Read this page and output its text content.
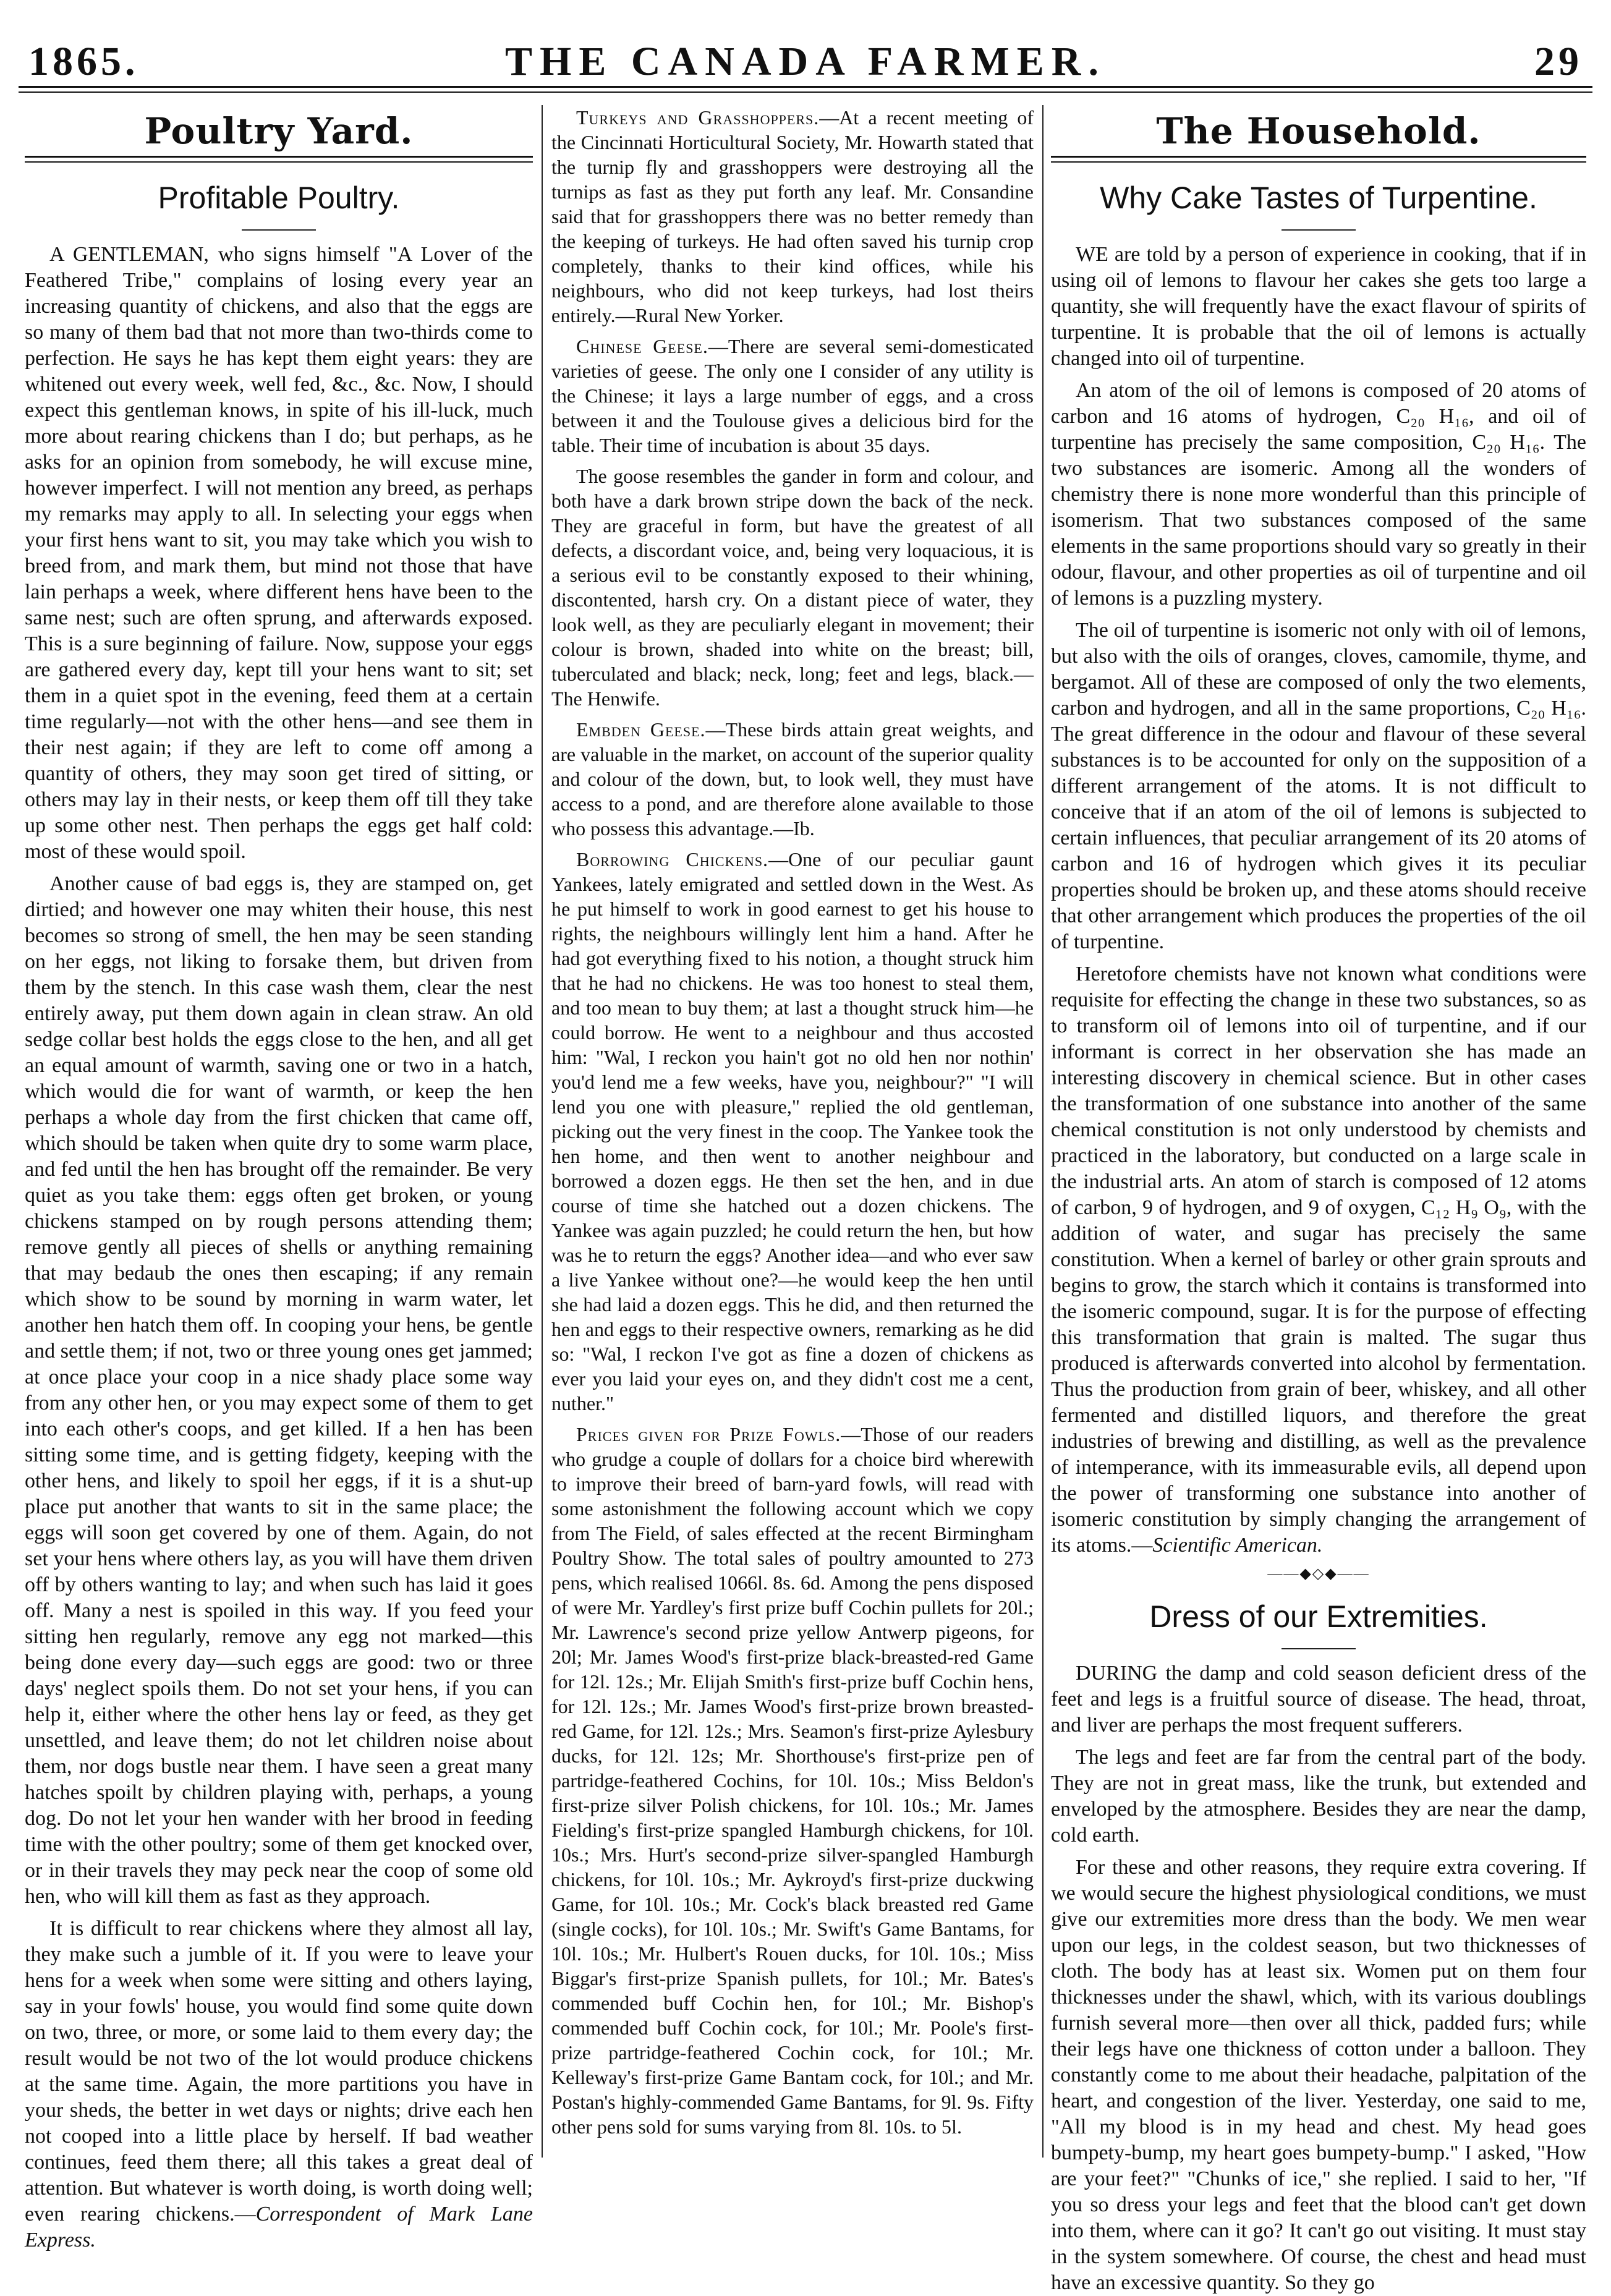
1865.	THE CANADA FARMER.	29
Poultry Yard.
Profitable Poultry.

A GENTLEMAN, who signs himself "A Lover of the Feathered Tribe," complains of losing every year an increasing quantity of chickens, and also that the eggs are so many of them bad that not more than two-thirds come to perfection. He says he has kept them eight years: they are whitened out every week, well fed, &c., &c. Now, I should expect this gentleman knows, in spite of his ill-luck, much more about rearing chickens than I do; but perhaps, as he asks for an opinion from somebody, he will excuse mine, however imperfect. I will not mention any breed, as perhaps my remarks may apply to all. In selecting your eggs when your first hens want to sit, you may take which you wish to breed from, and mark them, but mind not those that have lain perhaps a week, where different hens have been to the same nest; such are often sprung, and afterwards exposed. This is a sure beginning of failure. Now, suppose your eggs are gathered every day, kept till your hens want to sit; set them in a quiet spot in the evening, feed them at a certain time regularly—not with the other hens—and see them in their nest again; if they are left to come off among a quantity of others, they may soon get tired of sitting, or others may lay in their nests, or keep them off till they take up some other nest. Then perhaps the eggs get half cold: most of these would spoil.

Another cause of bad eggs is, they are stamped on, get dirtied; and however one may whiten their house, this nest becomes so strong of smell, the hen may be seen standing on her eggs, not liking to forsake them, but driven from them by the stench. In this case wash them, clear the nest entirely away, put them down again in clean straw. An old sedge collar best holds the eggs close to the hen, and all get an equal amount of warmth, saving one or two in a hatch, which would die for want of warmth, or keep the hen perhaps a whole day from the first chicken that came off, which should be taken when quite dry to some warm place, and fed until the hen has brought off the remainder. Be very quiet as you take them: eggs often get broken, or young chickens stamped on by rough persons attending them; remove gently all pieces of shells or anything remaining that may bedaub the ones then escaping; if any remain which show to be sound by morning in warm water, let another hen hatch them off. In cooping your hens, be gentle and settle them; if not, two or three young ones get jammed; at once place your coop in a nice shady place some way from any other hen, or you may expect some of them to get into each other's coops, and get killed. If a hen has been sitting some time, and is getting fidgety, keeping with the other hens, and likely to spoil her eggs, if it is a shut-up place put another that wants to sit in the same place; the eggs will soon get covered by one of them. Again, do not set your hens where others lay, as you will have them driven off by others wanting to lay; and when such has laid it goes off. Many a nest is spoiled in this way. If you feed your sitting hen regularly, remove any egg not marked—this being done every day—such eggs are good: two or three days' neglect spoils them. Do not set your hens, if you can help it, either where the other hens lay or feed, as they get unsettled, and leave them; do not let children noise about them, nor dogs bustle near them. I have seen a great many hatches spoilt by children playing with, perhaps, a young dog. Do not let your hen wander with her brood in feeding time with the other poultry; some of them get knocked over, or in their travels they may peck near the coop of some old hen, who will kill them as fast as they approach.

It is difficult to rear chickens where they almost all lay, they make such a jumble of it. If you were to leave your hens for a week when some were sitting and others laying, say in your fowls' house, you would find some quite down on two, three, or more, or some laid to them every day; the result would be not two of the lot would produce chickens at the same time. Again, the more partitions you have in your sheds, the better in wet days or nights; drive each hen not cooped into a little place by herself. If bad weather continues, feed them there; all this takes a great deal of attention. But whatever is worth doing, is worth doing well; even rearing chickens.—Correspondent of Mark Lane Express.

Turkeys and Grasshoppers.—At a recent meeting of the Cincinnati Horticultural Society, Mr. Howarth stated that the turnip fly and grasshoppers were destroying all the turnips as fast as they put forth any leaf. Mr. Consandine said that for grasshoppers there was no better remedy than the keeping of turkeys. He had often saved his turnip crop completely, thanks to their kind offices, while his neighbours, who did not keep turkeys, had lost theirs entirely.—Rural New Yorker.

Chinese Geese.—There are several semi-domesticated varieties of geese. The only one I consider of any utility is the Chinese; it lays a large number of eggs, and a cross between it and the Toulouse gives a delicious bird for the table. Their time of incubation is about 35 days.

The goose resembles the gander in form and colour, and both have a dark brown stripe down the back of the neck. They are graceful in form, but have the greatest of all defects, a discordant voice, and, being very loquacious, it is a serious evil to be constantly exposed to their whining, discontented, harsh cry. On a distant piece of water, they look well, as they are peculiarly elegant in movement; their colour is brown, shaded into white on the breast; bill, tuberculated and black; neck, long; feet and legs, black.—The Henwife.

Embden Geese.—These birds attain great weights, and are valuable in the market, on account of the superior quality and colour of the down, but, to look well, they must have access to a pond, and are therefore alone available to those who possess this advantage.—Ib.

Borrowing Chickens.—One of our peculiar gaunt Yankees, lately emigrated and settled down in the West. As he put himself to work in good earnest to get his house to rights, the neighbours willingly lent him a hand. After he had got everything fixed to his notion, a thought struck him that he had no chickens. He was too honest to steal them, and too mean to buy them; at last a thought struck him—he could borrow. He went to a neighbour and thus accosted him: "Wal, I reckon you hain't got no old hen nor nothin' you'd lend me a few weeks, have you, neighbour?" "I will lend you one with pleasure," replied the old gentleman, picking out the very finest in the coop. The Yankee took the hen home, and then went to another neighbour and borrowed a dozen eggs. He then set the hen, and in due course of time she hatched out a dozen chickens. The Yankee was again puzzled; he could return the hen, but how was he to return the eggs? Another idea—and who ever saw a live Yankee without one?—he would keep the hen until she had laid a dozen eggs. This he did, and then returned the hen and eggs to their respective owners, remarking as he did so: "Wal, I reckon I've got as fine a dozen of chickens as ever you laid your eyes on, and they didn't cost me a cent, nuther."

Prices given for Prize Fowls.—Those of our readers who grudge a couple of dollars for a choice bird wherewith to improve their breed of barn-yard fowls, will read with some astonishment the following account which we copy from The Field, of sales effected at the recent Birmingham Poultry Show. The total sales of poultry amounted to 273 pens, which realised 1066l. 8s. 6d. Among the pens disposed of were Mr. Yardley's first prize buff Cochin pullets for 20l.; Mr. Lawrence's second prize yellow Antwerp pigeons, for 20l; Mr. James Wood's first-prize black-breasted-red Game for 12l. 12s.; Mr. Elijah Smith's first-prize buff Cochin hens, for 12l. 12s.; Mr. James Wood's first-prize brown breasted-red Game, for 12l. 12s.; Mrs. Seamon's first-prize Aylesbury ducks, for 12l. 12s; Mr. Shorthouse's first-prize pen of partridge-feathered Cochins, for 10l. 10s.; Miss Beldon's first-prize silver Polish chickens, for 10l. 10s.; Mr. James Fielding's first-prize spangled Hamburgh chickens, for 10l. 10s.; Mrs. Hurt's second-prize silver-spangled Hamburgh chickens, for 10l. 10s.; Mr. Aykroyd's first-prize duckwing Game, for 10l. 10s.; Mr. Cock's black breasted red Game (single cocks), for 10l. 10s.; Mr. Swift's Game Bantams, for 10l. 10s.; Mr. Hulbert's Rouen ducks, for 10l. 10s.; Miss Biggar's first-prize Spanish pullets, for 10l.; Mr. Bates's commended buff Cochin hen, for 10l.; Mr. Bishop's commended buff Cochin cock, for 10l.; Mr. Poole's first-prize partridge-feathered Cochin cock, for 10l.; Mr. Kelleway's first-prize Game Bantam cock, for 10l.; and Mr. Postan's highly-commended Game Bantams, for 9l. 9s. Fifty other pens sold for sums varying from 8l. 10s. to 5l.

The Household.
Why Cake Tastes of Turpentine.

WE are told by a person of experience in cooking, that if in using oil of lemons to flavour her cakes she gets too large a quantity, she will frequently have the exact flavour of spirits of turpentine. It is probable that the oil of lemons is actually changed into oil of turpentine.

An atom of the oil of lemons is composed of 20 atoms of carbon and 16 atoms of hydrogen, C₂₀ H₁₆, and oil of turpentine has precisely the same composition, C₂₀ H₁₆. The two substances are isomeric. Among all the wonders of chemistry there is none more wonderful than this principle of isomerism. That two substances composed of the same elements in the same proportions should vary so greatly in their odour, flavour, and other properties as oil of turpentine and oil of lemons is a puzzling mystery.

The oil of turpentine is isomeric not only with oil of lemons, but also with the oils of oranges, cloves, camomile, thyme, and bergamot. All of these are composed of only the two elements, carbon and hydrogen, and all in the same proportions, C₂₀ H₁₆. The great difference in the odour and flavour of these several substances is to be accounted for only on the supposition of a different arrangement of the atoms. It is not difficult to conceive that if an atom of the oil of lemons is subjected to certain influences, that peculiar arrangement of its 20 atoms of carbon and 16 of hydrogen which gives it its peculiar properties should be broken up, and these atoms should receive that other arrangement which produces the properties of the oil of turpentine.

Heretofore chemists have not known what conditions were requisite for effecting the change in these two substances, so as to transform oil of lemons into oil of turpentine, and if our informant is correct in her observation she has made an interesting discovery in chemical science. But in other cases the transformation of one substance into another of the same chemical constitution is not only understood by chemists and practiced in the laboratory, but conducted on a large scale in the industrial arts. An atom of starch is composed of 12 atoms of carbon, 9 of hydrogen, and 9 of oxygen, C₁₂ H₉ O₉, with the addition of water, and sugar has precisely the same constitution. When a kernel of barley or other grain sprouts and begins to grow, the starch which it contains is transformed into the isomeric compound, sugar. It is for the purpose of effecting this transformation that grain is malted. The sugar thus produced is afterwards converted into alcohol by fermentation. Thus the production from grain of beer, whiskey, and all other fermented and distilled liquors, and therefore the great industries of brewing and distilling, as well as the prevalence of intemperance, with its immeasurable evils, all depend upon the power of transforming one substance into another of isomeric constitution by simply changing the arrangement of its atoms.—Scientific American.

——◆◇◆——
Dress of our Extremities.

DURING the damp and cold season deficient dress of the feet and legs is a fruitful source of disease. The head, throat, and liver are perhaps the most frequent sufferers.

The legs and feet are far from the central part of the body. They are not in great mass, like the trunk, but extended and enveloped by the atmosphere. Besides they are near the damp, cold earth.

For these and other reasons, they require extra covering. If we would secure the highest physiological conditions, we must give our extremities more dress than the body. We men wear upon our legs, in the coldest season, but two thicknesses of cloth. The body has at least six. Women put on them four thicknesses under the shawl, which, with its various doublings furnish several more—then over all thick, padded furs; while their legs have one thickness of cotton under a balloon. They constantly come to me about their headache, palpitation of the heart, and congestion of the liver. Yesterday, one said to me, "All my blood is in my head and chest. My head goes bumpety-bump, my heart goes bumpety-bump." I asked, "How are your feet?" "Chunks of ice," she replied. I said to her, "If you so dress your legs and feet that the blood can't get down into them, where can it go? It can't go out visiting. It must stay in the system somewhere. Of course, the chest and head must have an excessive quantity. So they go
